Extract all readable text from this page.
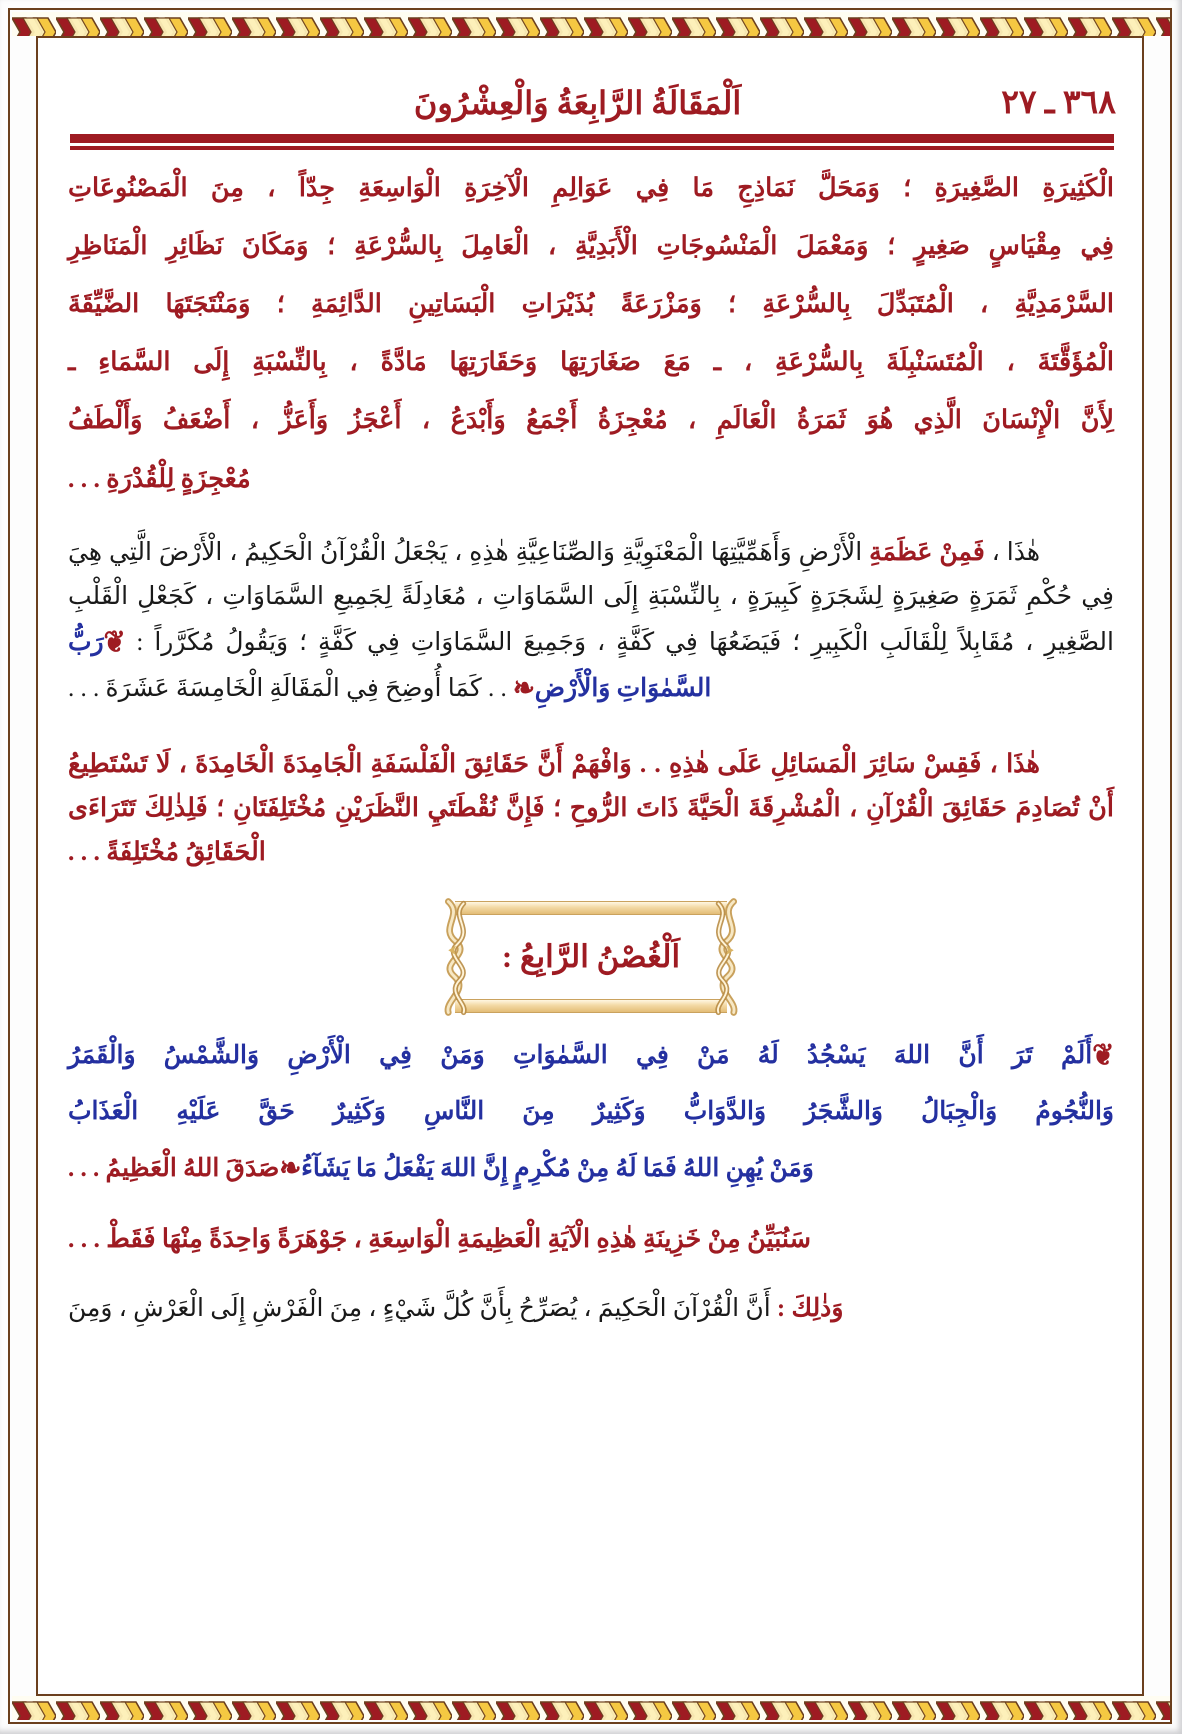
٣٦٨ ـ ٢٧
اَلْمَقَالَةُ الرَّابِعَةُ وَالْعِشْرُونَ

الْكَثِيرَةِ الصَّغِيرَةِ ؛ وَمَحَلَّ نَمَاذِجِ مَا فِي عَوَالِمِ الْآخِرَةِ الْوَاسِعَةِ جِدّاً ، مِنَ الْمَصْنُوعَاتِ

فِي مِقْيَاسٍ صَغِيرٍ ؛ وَمَعْمَلَ الْمَنْسُوجَاتِ الْأَبَدِيَّةِ ، الْعَامِلَ بِالسُّرْعَةِ ؛ وَمَكَانَ نَظَائِرِ الْمَنَاظِرِ

السَّرْمَدِيَّةِ ، الْمُتَبَدِّلَ بِالسُّرْعَةِ ؛ وَمَزْرَعَةً بُذَيْرَاتِ الْبَسَاتِينِ الدَّائِمَةِ ؛ وَمَنْتَجَتَهَا الضَّيِّقَةَ

الْمُؤَقَّتَةَ ، الْمُتَسَنْبِلَةَ بِالسُّرْعَةِ ، ـ مَعَ صَغَارَتِهَا وَحَقَارَتِهَا مَادَّةً ، بِالنِّسْبَةِ إِلَى السَّمَاءِ ـ

لِأَنَّ الْإِنْسَانَ الَّذِي هُوَ ثَمَرَةُ الْعَالَمِ ، مُعْجِزَةُ أَجْمَعُ وَأَبْدَعُ ، أَعْجَزُ وَأَعَزُّ ، أَضْعَفُ وَأَلْطَفُ

مُعْجِزَةٍ لِلْقُدْرَةِ . . .

هٰذَا ، فَمِنْ عَظَمَةِ الْأَرْضِ وَأَهَمِّيَّتِهَا الْمَعْنَوِيَّةِ وَالصِّنَاعِيَّةِ هٰذِهِ ، يَجْعَلُ الْقُرْآنُ الْحَكِيمُ ، الْأَرْضَ الَّتِي هِيَ فِي حُكْمِ ثَمَرَةٍ صَغِيرَةٍ لِشَجَرَةٍ كَبِيرَةٍ ، بِالنِّسْبَةِ إِلَى السَّمَاوَاتِ ، مُعَادِلَةً لِجَمِيعِ السَّمَاوَاتِ ، كَجَعْلِ الْقَلْبِ الصَّغِيرِ ، مُقَابِلاً لِلْقَالَبِ الْكَبِيرِ ؛ فَيَضَعُهَا فِي كَفَّةٍ ، وَجَمِيعَ السَّمَاوَاتِ فِي كَفَّةٍ ؛ وَيَقُولُ مُكَرَّراً : ❦رَبُّ السَّمٰوَاتِ وَالْأَرْضِ❧ . . كَمَا أُوضِحَ فِي الْمَقَالَةِ الْخَامِسَةَ عَشَرَةَ . . .

هٰذَا ، فَقِسْ سَائِرَ الْمَسَائِلِ عَلَى هٰذِهِ . . وَافْهَمْ أَنَّ حَقَائِقَ الْفَلْسَفَةِ الْجَامِدَةَ الْخَامِدَةَ ، لَا تَسْتَطِيعُ أَنْ تُصَادِمَ حَقَائِقَ الْقُرْآنِ ، الْمُشْرِقَةَ الْحَيَّةَ ذَاتَ الرُّوحِ ؛ فَإِنَّ نُقْطَتَيِ النَّظَرَيْنِ مُخْتَلِفَتَانِ ؛ فَلِذٰلِكَ تَتَرَاءَى الْحَقَائِقُ مُخْتَلِفَةً . . .

اَلْغُصْنُ الرَّابِعُ :

❦أَلَمْ تَرَ أَنَّ اللهَ يَسْجُدُ لَهُ مَنْ فِي السَّمٰوَاتِ وَمَنْ فِي الْأَرْضِ وَالشَّمْسُ وَالْقَمَرُ

وَالنُّجُومُ وَالْجِبَالُ وَالشَّجَرُ وَالدَّوَابُّ وَكَثِيرٌ مِنَ النَّاسِ وَكَثِيرٌ حَقَّ عَلَيْهِ الْعَذَابُ

وَمَنْ يُهِنِ اللهُ فَمَا لَهُ مِنْ مُكْرِمٍ إِنَّ اللهَ يَفْعَلُ مَا يَشَآءُ❧صَدَقَ اللهُ الْعَظِيمُ . . .

سَنُبَيِّنُ مِنْ خَزِينَةِ هٰذِهِ الْآيَةِ الْعَظِيمَةِ الْوَاسِعَةِ ، جَوْهَرَةً وَاحِدَةً مِنْهَا فَقَطْ . . .

وَذٰلِكَ : أَنَّ الْقُرْآنَ الْحَكِيمَ ، يُصَرِّحُ بِأَنَّ كُلَّ شَيْءٍ ، مِنَ الْفَرْشِ إِلَى الْعَرْشِ ، وَمِنَ
